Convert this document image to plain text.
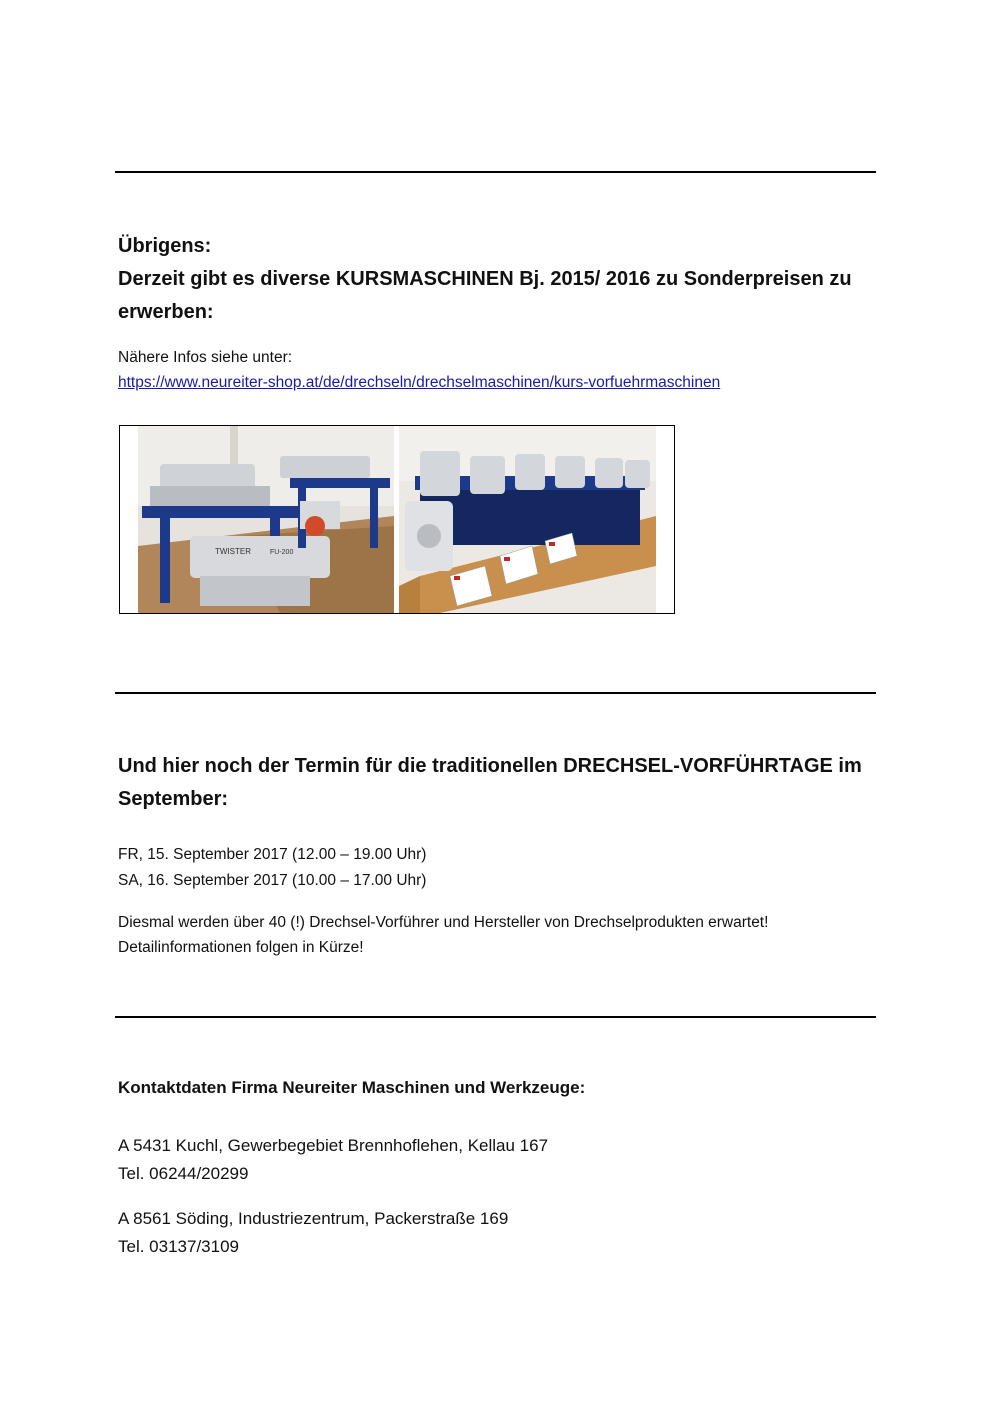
Übrigens:
Derzeit gibt es diverse KURSMASCHINEN Bj. 2015/ 2016 zu Sonderpreisen zu erwerben:

Nähere Infos siehe unter:

https://www.neureiter-shop.at/de/drechseln/drechselmaschinen/kurs-vorfuehrmaschinen

TWISTER	FU-200
Und hier noch der Termin für die traditionellen DRECHSEL-VORFÜHRTAGE im September:

FR, 15. September 2017 (12.00 – 19.00 Uhr)

SA, 16. September 2017 (10.00 – 17.00 Uhr)

Diesmal werden über 40 (!) Drechsel-Vorführer und Hersteller von Drechselprodukten erwartet!

Detailinformationen folgen in Kürze!

Kontaktdaten Firma Neureiter Maschinen und Werkzeuge:

A 5431 Kuchl, Gewerbegebiet Brennhoflehen, Kellau 167

Tel. 06244/20299

A 8561 Söding, Industriezentrum, Packerstraße 169

Tel. 03137/3109
